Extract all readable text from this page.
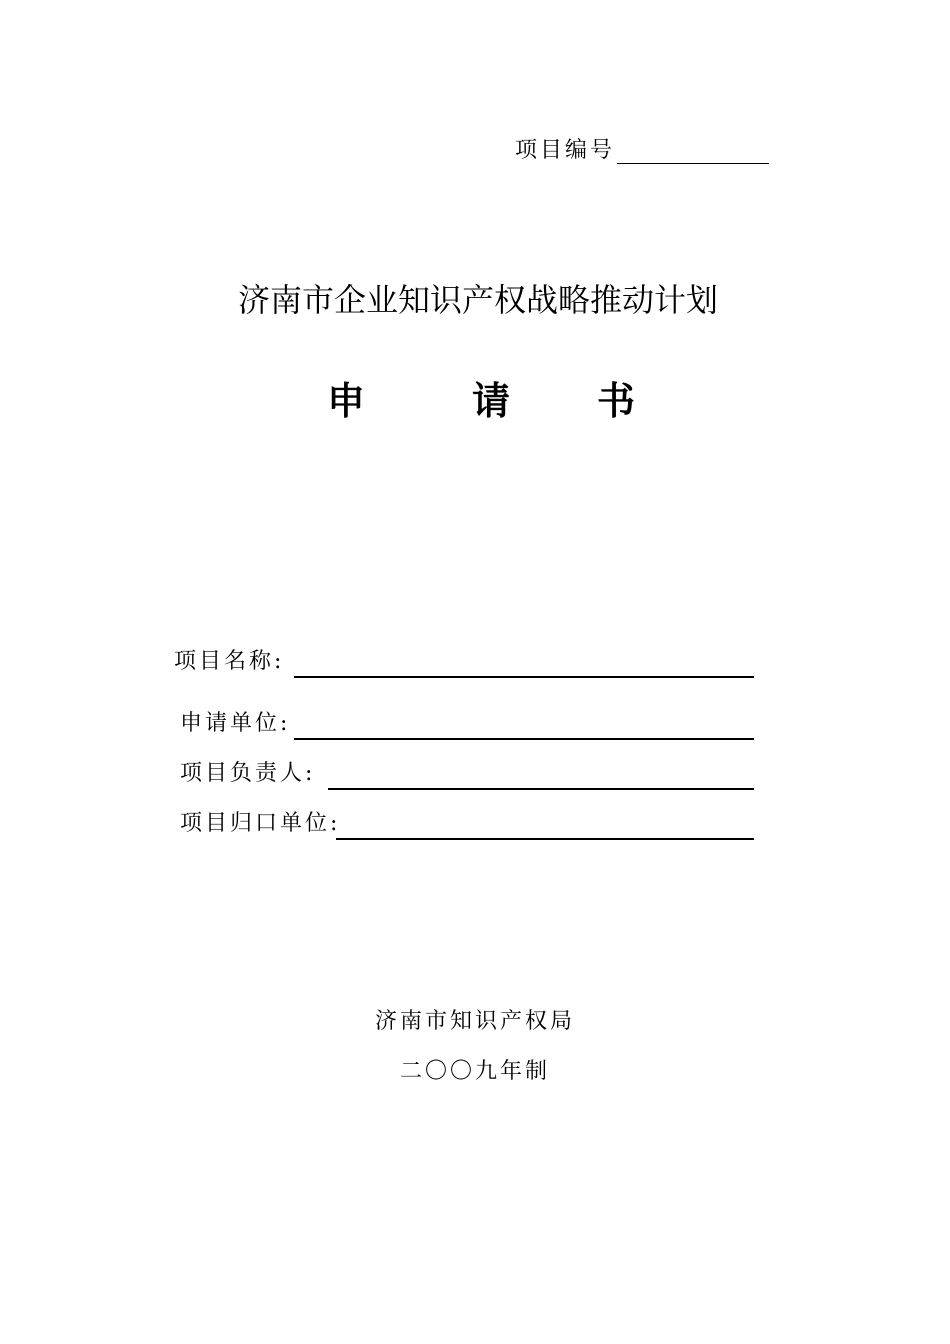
项目编号
济南市企业知识产权战略推动计划
申	请 书
项目名称:
申请单位:
项目负责人:
项目归口单位:
济南市知识产权局
二〇〇九年制
